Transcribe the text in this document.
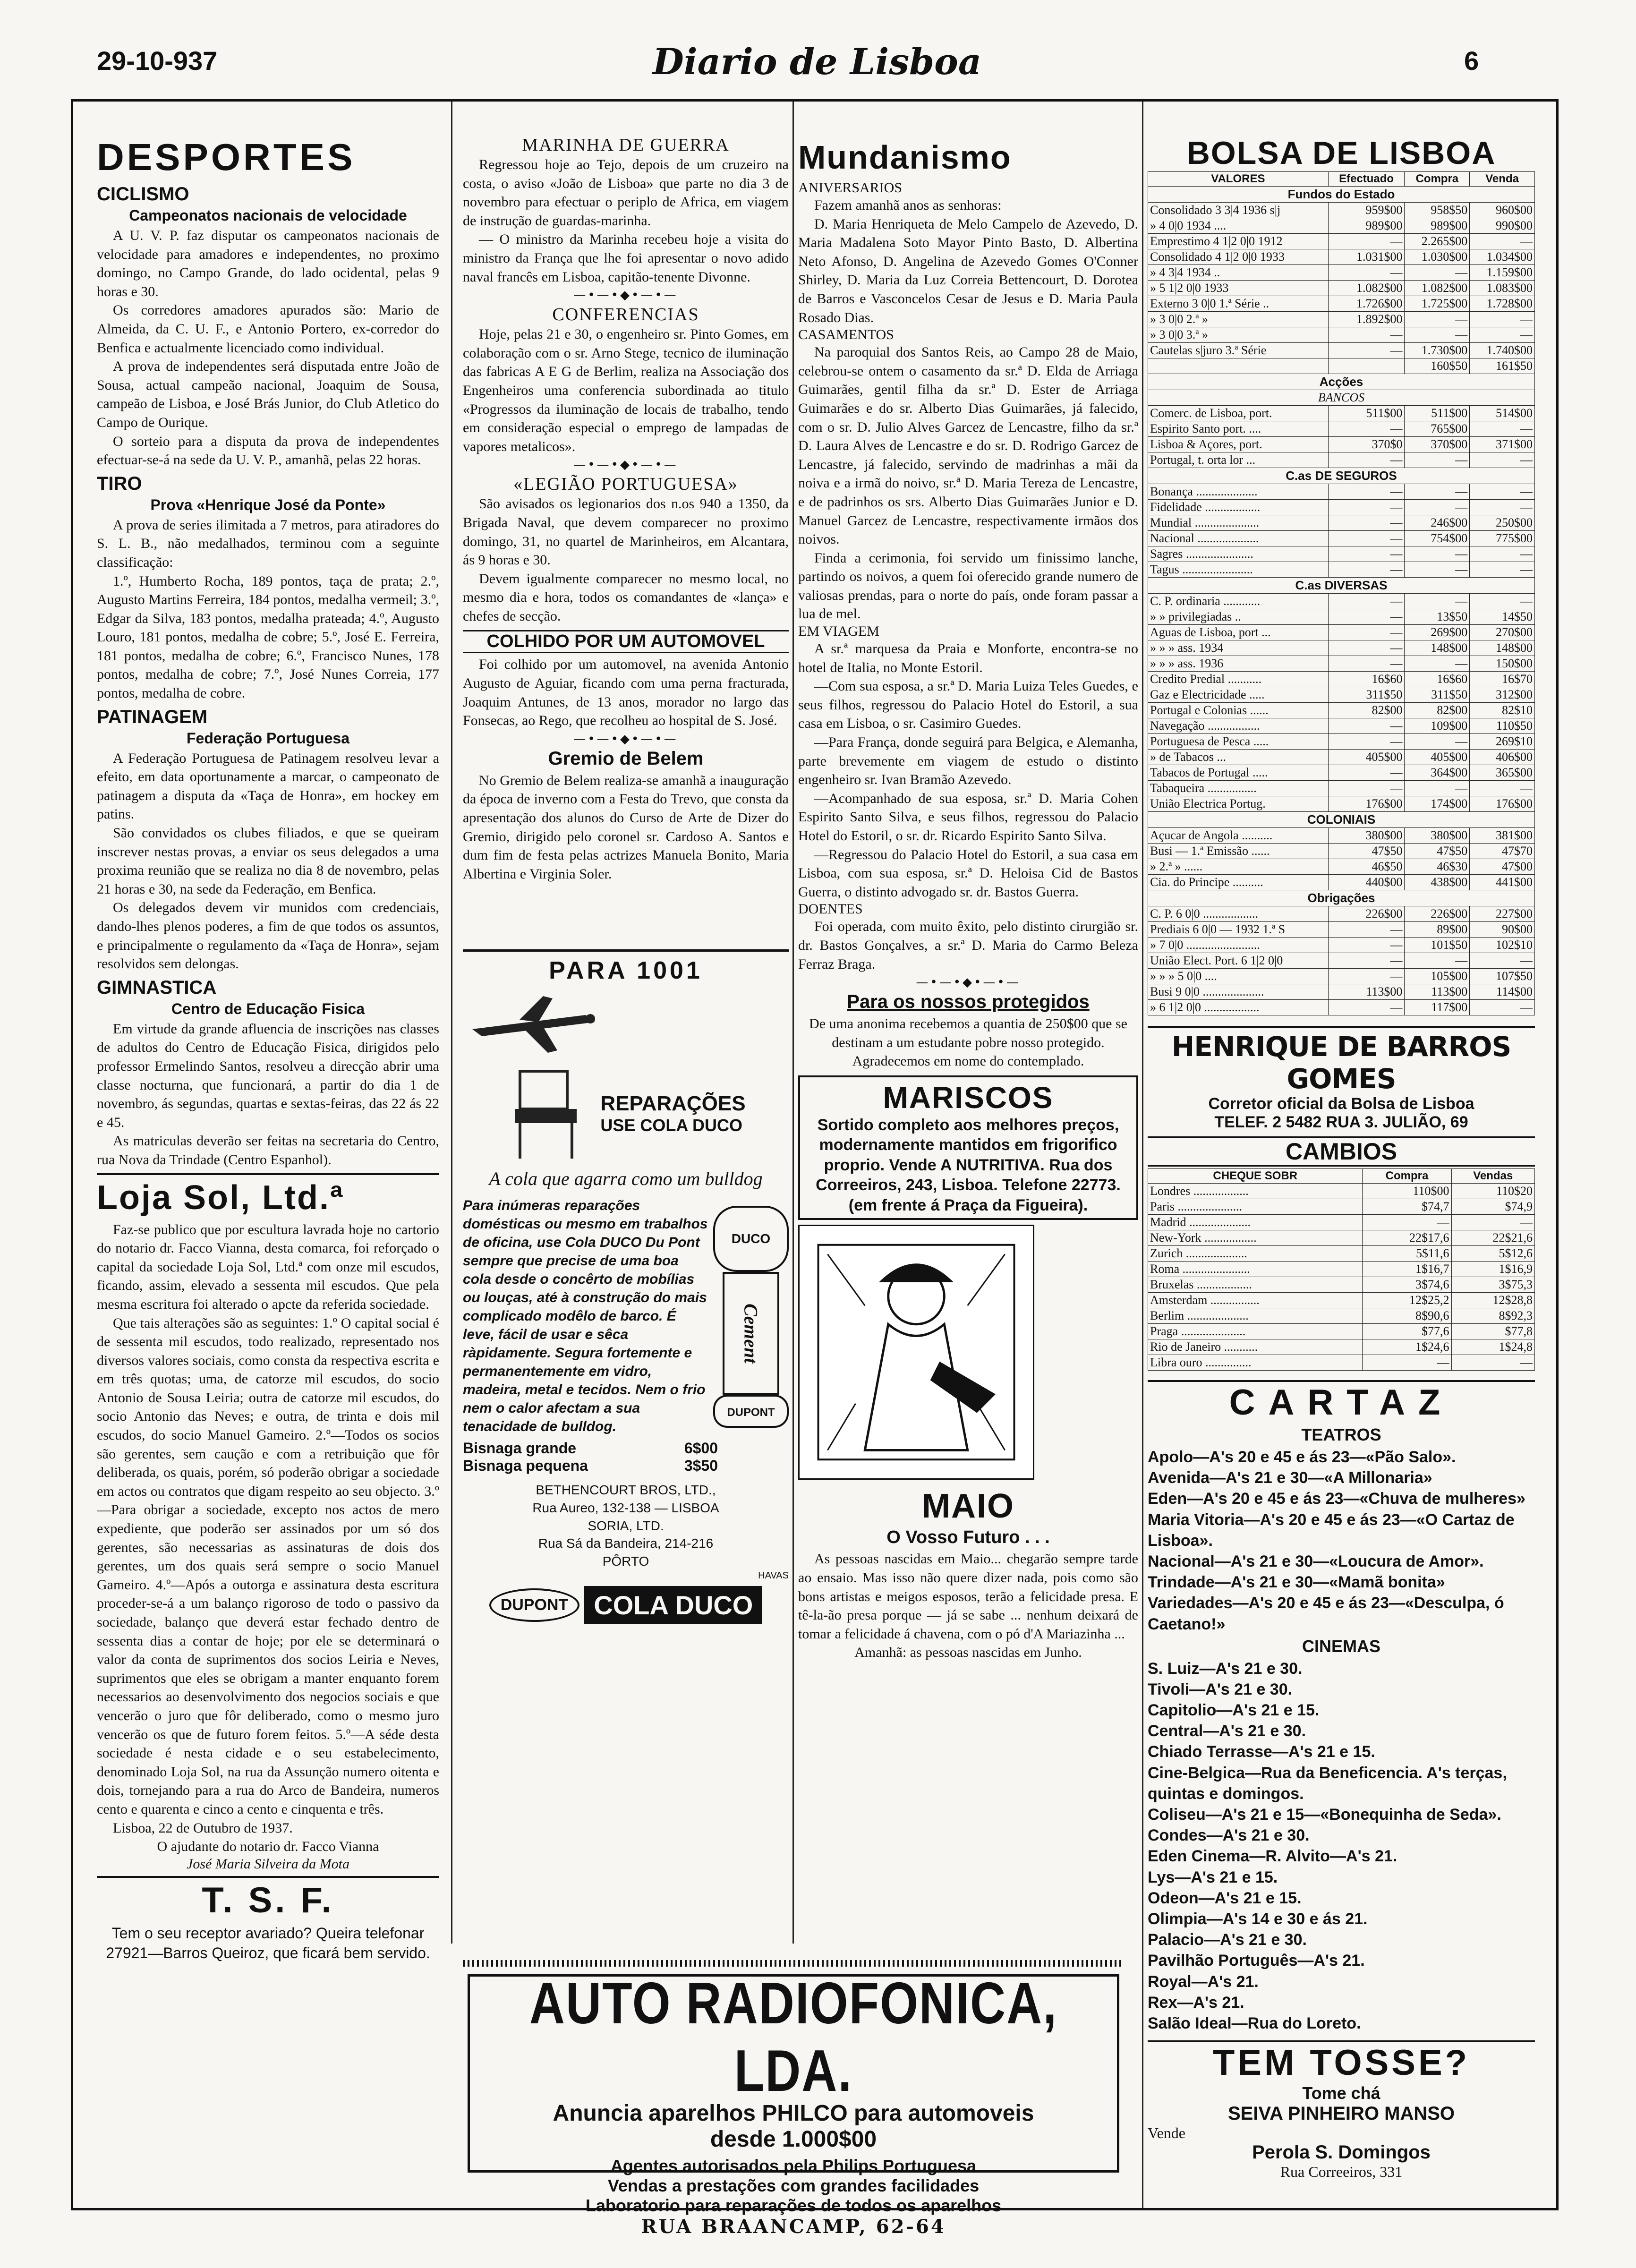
29-10-937	Diario de Lisboa	6
DESPORTES
CICLISMO
Campeonatos nacionais de velocidade

A U. V. P. faz disputar os campeonatos nacionais de velocidade para amadores e independentes, no proximo domingo, no Campo Grande, do lado ocidental, pelas 9 horas e 30.

Os corredores amadores apurados são: Mario de Almeida, da C. U. F., e Antonio Portero, ex-corredor do Benfica e actualmente licenciado como individual.

A prova de independentes será disputada entre João de Sousa, actual campeão nacional, Joaquim de Sousa, campeão de Lisboa, e José Brás Junior, do Club Atletico do Campo de Ourique.

O sorteio para a disputa da prova de independentes efectuar-se-á na sede da U. V. P., amanhã, pelas 22 horas.

TIRO
Prova «Henrique José da Ponte»

A prova de series ilimitada a 7 metros, para atiradores do S. L. B., não medalhados, terminou com a seguinte classificação:

1.º, Humberto Rocha, 189 pontos, taça de prata; 2.º, Augusto Martins Ferreira, 184 pontos, medalha vermeil; 3.º, Edgar da Silva, 183 pontos, medalha prateada; 4.º, Augusto Louro, 181 pontos, medalha de cobre; 5.º, José E. Ferreira, 181 pontos, medalha de cobre; 6.º, Francisco Nunes, 178 pontos, medalha de cobre; 7.º, José Nunes Correia, 177 pontos, medalha de cobre.

PATINAGEM
Federação Portuguesa

A Federação Portuguesa de Patinagem resolveu levar a efeito, em data oportunamente a marcar, o campeonato de patinagem a disputa da «Taça de Honra», em hockey em patins.

São convidados os clubes filiados, e que se queiram inscrever nestas provas, a enviar os seus delegados a uma proxima reunião que se realiza no dia 8 de novembro, pelas 21 horas e 30, na sede da Federação, em Benfica.

Os delegados devem vir munidos com credenciais, dando-lhes plenos poderes, a fim de que todos os assuntos, e principalmente o regulamento da «Taça de Honra», sejam resolvidos sem delongas.

GIMNASTICA
Centro de Educação Fisica

Em virtude da grande afluencia de inscrições nas classes de adultos do Centro de Educação Fisica, dirigidos pelo professor Ermelindo Santos, resolveu a direcção abrir uma classe nocturna, que funcionará, a partir do dia 1 de novembro, ás segundas, quartas e sextas-feiras, das 22 ás 22 e 45.

As matriculas deverão ser feitas na secretaria do Centro, rua Nova da Trindade (Centro Espanhol).

Loja Sol, Ltd.ª

Faz-se publico que por escultura lavrada hoje no cartorio do notario dr. Facco Vianna, desta comarca, foi reforçado o capital da sociedade Loja Sol, Ltd.ª com onze mil escudos, ficando, assim, elevado a sessenta mil escudos. Que pela mesma escritura foi alterado o apcte da referida sociedade.

Que tais alterações são as seguintes: 1.º O capital social é de sessenta mil escudos, todo realizado, representado nos diversos valores sociais, como consta da respectiva escrita e em três quotas; uma, de catorze mil escudos, do socio Antonio de Sousa Leiria; outra de catorze mil escudos, do socio Antonio das Neves; e outra, de trinta e dois mil escudos, do socio Manuel Gameiro. 2.º—Todos os socios são gerentes, sem caução e com a retribuição que fôr deliberada, os quais, porém, só poderão obrigar a sociedade em actos ou contratos que digam respeito ao seu objecto. 3.º—Para obrigar a sociedade, excepto nos actos de mero expediente, que poderão ser assinados por um só dos gerentes, são necessarias as assinaturas de dois dos gerentes, um dos quais será sempre o socio Manuel Gameiro. 4.º—Após a outorga e assinatura desta escritura proceder-se-á a um balanço rigoroso de todo o passivo da sociedade, balanço que deverá estar fechado dentro de sessenta dias a contar de hoje; por ele se determinará o valor da conta de suprimentos dos socios Leiria e Neves, suprimentos que eles se obrigam a manter enquanto forem necessarios ao desenvolvimento dos negocios sociais e que vencerão o juro que fôr deliberado, como o mesmo juro vencerão os que de futuro forem feitos. 5.º—A séde desta sociedade é nesta cidade e o seu estabelecimento, denominado Loja Sol, na rua da Assunção numero oitenta e dois, tornejando para a rua do Arco de Bandeira, numeros cento e quarenta e cinco a cento e cinquenta e três.

Lisboa, 22 de Outubro de 1937.

O ajudante do notario dr. Facco Vianna

José Maria Silveira da Mota
T. S. F.

Tem o seu receptor avariado? Queira telefonar 27921—Barros Queiroz, que ficará bem servido.

MARINHA DE GUERRA

Regressou hoje ao Tejo, depois de um cruzeiro na costa, o aviso «João de Lisboa» que parte no dia 3 de novembro para efectuar o periplo de Africa, em viagem de instrução de guardas-marinha.

— O ministro da Marinha recebeu hoje a visita do ministro da França que lhe foi apresentar o novo adido naval francês em Lisboa, capitão-tenente Divonne.

—•—•◆•—•—
CONFERENCIAS

Hoje, pelas 21 e 30, o engenheiro sr. Pinto Gomes, em colaboração com o sr. Arno Stege, tecnico de iluminação das fabricas A E G de Berlim, realiza na Associação dos Engenheiros uma conferencia subordinada ao titulo «Progressos da iluminação de locais de trabalho, tendo em consideração especial o emprego de lampadas de vapores metalicos».

—•—•◆•—•—
«LEGIÃO PORTUGUESA»

São avisados os legionarios dos n.os 940 a 1350, da Brigada Naval, que devem comparecer no proximo domingo, 31, no quartel de Marinheiros, em Alcantara, ás 9 horas e 30.

Devem igualmente comparecer no mesmo local, no mesmo dia e hora, todos os comandantes de «lança» e chefes de secção.

COLHIDO POR UM AUTOMOVEL

Foi colhido por um automovel, na avenida Antonio Augusto de Aguiar, ficando com uma perna fracturada, Joaquim Antunes, de 13 anos, morador no largo das Fonsecas, ao Rego, que recolheu ao hospital de S. José.

—•—•◆•—•—
Gremio de Belem

No Gremio de Belem realiza-se amanhã a inauguração da época de inverno com a Festa do Trevo, que consta da apresentação dos alunos do Curso de Arte de Dizer do Gremio, dirigido pelo coronel sr. Cardoso A. Santos e dum fim de festa pelas actrizes Manuela Bonito, Maria Albertina e Virginia Soler.

PARA 1001
REPARAÇÕES
USE COLA DUCO
A cola que agarra como um bulldog
Para inúmeras reparações domésticas ou mesmo em trabalhos de oficina, use Cola DUCO Du Pont sempre que precise de uma boa cola desde o concêrto de mobílias ou louças, até à construção do mais complicado modêlo de barco. É leve, fácil de usar e sêca ràpidamente. Segura fortemente e permanentemente em vidro, madeira, metal e tecidos. Nem o frio nem o calor afectam a sua tenacidade de bulldog.
DUCO
Cement
DUPONT
Bisnaga grande	6$00
Bisnaga pequena	3$50
BETHENCOURT BROS, LTD.,
Rua Aureo, 132-138 — LISBOA
SORIA, LTD.
Rua Sá da Bandeira, 214-216
PÔRTO
HAVAS
DUPONT COLA DUCO
Mundanismo
ANIVERSARIOS

Fazem amanhã anos as senhoras:

D. Maria Henriqueta de Melo Campelo de Azevedo, D. Maria Madalena Soto Mayor Pinto Basto, D. Albertina Neto Afonso, D. Angelina de Azevedo Gomes O'Conner Shirley, D. Maria da Luz Correia Bettencourt, D. Dorotea de Barros e Vasconcelos Cesar de Jesus e D. Maria Paula Rosado Dias.

CASAMENTOS

Na paroquial dos Santos Reis, ao Campo 28 de Maio, celebrou-se ontem o casamento da sr.ª D. Elda de Arriaga Guimarães, gentil filha da sr.ª D. Ester de Arriaga Guimarães e do sr. Alberto Dias Guimarães, já falecido, com o sr. D. Julio Alves Garcez de Lencastre, filho da sr.ª D. Laura Alves de Lencastre e do sr. D. Rodrigo Garcez de Lencastre, já falecido, servindo de madrinhas a mãi da noiva e a irmã do noivo, sr.ª D. Maria Tereza de Lencastre, e de padrinhos os srs. Alberto Dias Guimarães Junior e D. Manuel Garcez de Lencastre, respectivamente irmãos dos noivos.

Finda a cerimonia, foi servido um finissimo lanche, partindo os noivos, a quem foi oferecido grande numero de valiosas prendas, para o norte do país, onde foram passar a lua de mel.

EM VIAGEM

A sr.ª marquesa da Praia e Monforte, encontra-se no hotel de Italia, no Monte Estoril.

—Com sua esposa, a sr.ª D. Maria Luiza Teles Guedes, e seus filhos, regressou do Palacio Hotel do Estoril, a sua casa em Lisboa, o sr. Casimiro Guedes.

—Para França, donde seguirá para Belgica, e Alemanha, parte brevemente em viagem de estudo o distinto engenheiro sr. Ivan Bramão Azevedo.

—Acompanhado de sua esposa, sr.ª D. Maria Cohen Espirito Santo Silva, e seus filhos, regressou do Palacio Hotel do Estoril, o sr. dr. Ricardo Espirito Santo Silva.

—Regressou do Palacio Hotel do Estoril, a sua casa em Lisboa, com sua esposa, sr.ª D. Heloisa Cid de Bastos Guerra, o distinto advogado sr. dr. Bastos Guerra.

DOENTES

Foi operada, com muito êxito, pelo distinto cirurgião sr. dr. Bastos Gonçalves, a sr.ª D. Maria do Carmo Beleza Ferraz Braga.

—•—•◆•—•—
Para os nossos protegidos

De uma anonima recebemos a quantia de 250$00 que se destinam a um estudante pobre nosso protegido. Agradecemos em nome do contemplado.

MARISCOS
Sortido completo aos melhores preços, modernamente mantidos em frigorifico proprio. Vende A NUTRITIVA. Rua dos Correeiros, 243, Lisboa. Telefone 22773. (em frente á Praça da Figueira).
MAIO
O Vosso Futuro . . .

As pessoas nascidas em Maio... chegarão sempre tarde ao ensaio. Mas isso não quere dizer nada, pois como são bons artistas e meigos esposos, terão a felicidade presa. E tê-la-ão presa porque — já se sabe ... nenhum deixará de tomar a felicidade á chavena, com o pó d'A Mariazinha ...

Amanhã: as pessoas nascidas em Junho.

BOLSA DE LISBOA
VALORES	Efectuado	Compra	Venda
Fundos do Estado			
Consolidado 3 3|4 1936 s|j	959$00	958$50	960$00
» 4 0|0 1934 ....	989$00	989$00	990$00
Emprestimo 4 1|2 0|0 1912	—	2.265$00	—
Consolidado 4 1|2 0|0 1933	1.031$00	1.030$00	1.034$00
» 4 3|4 1934 ..	—	—	1.159$00
» 5 1|2 0|0 1933	1.082$00	1.082$00	1.083$00
Externo 3 0|0 1.ª Série ..	1.726$00	1.725$00	1.728$00
» 3 0|0 2.ª »	1.892$00	—	—
» 3 0|0 3.ª »	—	—	—
Cautelas s|juro 3.ª Série	—	1.730$00	1.740$00
		160$50	161$50
Acções			
BANCOS			
Comerc. de Lisboa, port.	511$00	511$00	514$00
Espirito Santo port. ....	—	765$00	—
Lisboa & Açores, port.	370$0	370$00	371$00
Portugal, t. orta lor ...	—	—	—
C.as DE SEGUROS			
Bonança ....................	—	—	—
Fidelidade ..................	—	—	—
Mundial .....................	—	246$00	250$00
Nacional ....................	—	754$00	775$00
Sagres ......................	—	—	—
Tagus .......................	—	—	—
C.as DIVERSAS			
C. P. ordinaria ............	—	—	—
» » privilegiadas ..	—	13$50	14$50
Aguas de Lisboa, port ...	—	269$00	270$00
» » » ass. 1934	—	148$00	148$00
» » » ass. 1936	—	—	150$00
Credito Predial ...........	16$60	16$60	16$70
Gaz e Electricidade .....	311$50	311$50	312$00
Portugal e Colonias ......	82$00	82$00	82$10
Navegação .................	—	109$00	110$50
Portuguesa de Pesca .....	—	—	269$10
» de Tabacos ...	405$00	405$00	406$00
Tabacos de Portugal .....	—	364$00	365$00
Tabaqueira ................	—	—	—
União Electrica Portug.	176$00	174$00	176$00
COLONIAIS			
Açucar de Angola ..........	380$00	380$00	381$00
Busi — 1.ª Emissão ......	47$50	47$50	47$70
» 2.ª » ......	46$50	46$30	47$00
Cia. do Principe ..........	440$00	438$00	441$00
Obrigações			
C. P. 6 0|0 ..................	226$00	226$00	227$00
Prediais 6 0|0 — 1932 1.ª S	—	89$00	90$00
» 7 0|0 ........................	—	101$50	102$10
União Elect. Port. 6 1|2 0|0	—	—	—
» » » 5 0|0 ....	—	105$00	107$50
Busi 9 0|0 ....................	113$00	113$00	114$00
» 6 1|2 0|0 ..................	—	117$00	—
HENRIQUE DE BARROS GOMES
Corretor oficial da Bolsa de Lisboa
TELEF. 2 5482 RUA 3. JULIÃO, 69
CAMBIOS
CHEQUE SOBR	Compra	Vendas
Londres ..................	110$00	110$20
Paris .....................	$74,7	$74,9
Madrid ....................	—	—
New-York .................	22$17,6	22$21,6
Zurich ....................	5$11,6	5$12,6
Roma ......................	1$16,7	1$16,9
Bruxelas ..................	3$74,6	3$75,3
Amsterdam ................	12$25,2	12$28,8
Berlim ....................	8$90,6	8$92,3
Praga .....................	$77,6	$77,8
Rio de Janeiro ...........	1$24,6	1$24,8
Libra ouro ...............	—	—
CARTAZ
TEATROS

Apolo—A's 20 e 45 e ás 23—«Pão Salo».

Avenida—A's 21 e 30—«A Millonaria»

Eden—A's 20 e 45 e ás 23—«Chuva de mulheres»

Maria Vitoria—A's 20 e 45 e ás 23—«O Cartaz de Lisboa».

Nacional—A's 21 e 30—«Loucura de Amor».

Trindade—A's 21 e 30—«Mamã bonita»

Variedades—A's 20 e 45 e ás 23—«Desculpa, ó Caetano!»

CINEMAS

S. Luiz—A's 21 e 30.

Tivoli—A's 21 e 30.

Capitolio—A's 21 e 15.

Central—A's 21 e 30.

Chiado Terrasse—A's 21 e 15.

Cine-Belgica—Rua da Beneficencia. A's terças, quintas e domingos.

Coliseu—A's 21 e 15—«Bonequinha de Seda».

Condes—A's 21 e 30.

Eden Cinema—R. Alvito—A's 21.

Lys—A's 21 e 15.

Odeon—A's 21 e 15.

Olimpia—A's 14 e 30 e ás 21.

Palacio—A's 21 e 30.

Pavilhão Português—A's 21.

Royal—A's 21.

Rex—A's 21.

Salão Ideal—Rua do Loreto.

TEM TOSSE?
Tome chá
SEIVA PINHEIRO MANSO
Vende
Perola S. Domingos
Rua Correeiros, 331
AUTO RADIOFONICA, LDA.
Anuncia aparelhos PHILCO para automoveis
desde 1.000$00
Agentes autorisados pela Philips Portuguesa
Vendas a prestações com grandes facilidades
Laboratorio para reparações de todos os aparelhos
RUA BRAANCAMP, 62-64
